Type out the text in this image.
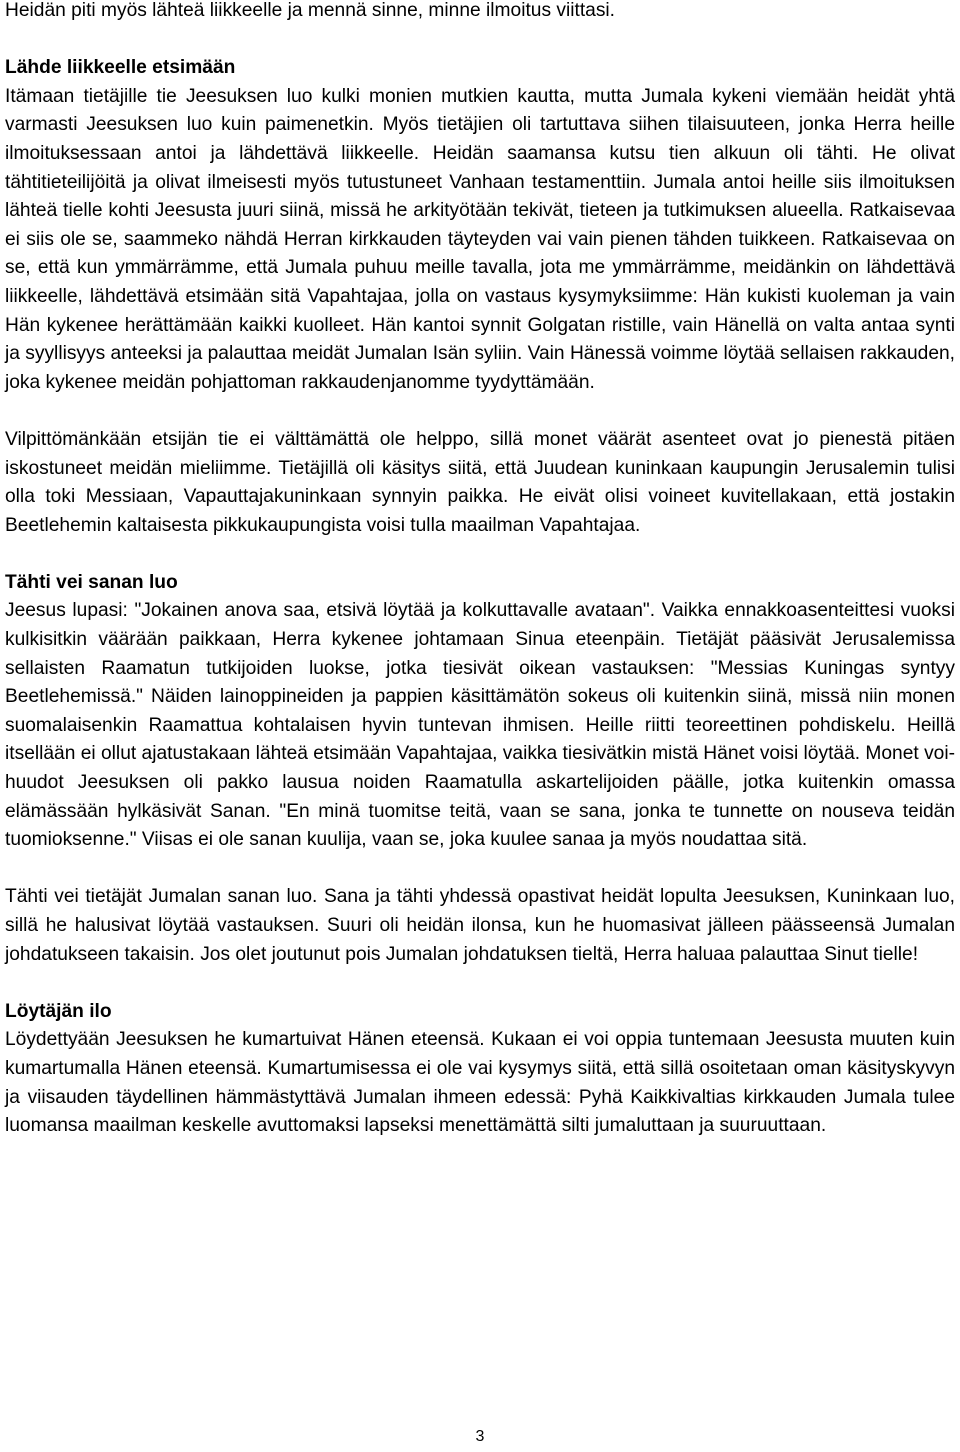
Heidän piti myös lähteä liikkeelle ja mennä sinne, minne ilmoitus viittasi.

Lähde liikkeelle etsimään

Itämaan tietäjille tie Jeesuksen luo kulki monien mutkien kautta, mutta Jumala kykeni viemään heidät yhtä varmasti Jeesuksen luo kuin paimenetkin. Myös tietäjien oli tartuttava siihen tilaisuuteen, jonka Herra heille ilmoituksessaan antoi ja lähdettävä liikkeelle. Heidän saamansa kutsu tien alkuun oli tähti. He olivat tähtitieteilijöitä ja olivat ilmeisesti myös tutustuneet Vanhaan testamenttiin. Jumala antoi heille siis ilmoituksen lähteä tielle kohti Jeesusta juuri siinä, missä he arkityötään tekivät, tieteen ja tutkimuksen alueella. Ratkaisevaa ei siis ole se, saammeko nähdä Herran kirkkauden täyteyden vai vain pienen tähden tuikkeen. Ratkaisevaa on se, että kun ymmärrämme, että Jumala puhuu meille tavalla, jota me ymmärrämme, meidänkin on lähdettävä liikkeelle, lähdettävä etsimään sitä Vapahtajaa, jolla on vastaus kysymyksiimme: Hän kukisti kuoleman ja vain Hän kykenee herättämään kaikki kuolleet. Hän kantoi synnit Golgatan ristille, vain Hänellä on valta antaa synti ja syyllisyys anteeksi ja palauttaa meidät Jumalan Isän syliin. Vain Hänessä voimme löytää sellaisen rakkauden, joka kykenee meidän pohjattoman rakkaudenjanomme tyydyttämään.

Vilpittömänkään etsijän tie ei välttämättä ole helppo, sillä monet väärät asenteet ovat jo pienestä pitäen iskostuneet meidän mieliimme. Tietäjillä oli käsitys siitä, että Juudean kuninkaan kaupungin Jerusalemin tulisi olla toki Messiaan, Vapauttajakuninkaan synnyin paikka. He eivät olisi voineet kuvitellakaan, että jostakin Beetlehemin kaltaisesta pikkukaupungista voisi tulla maailman Vapahtajaa.

Tähti vei sanan luo

Jeesus lupasi: "Jokainen anova saa, etsivä löytää ja kolkuttavalle avataan". Vaikka ennakkoasenteittesi vuoksi kulkisitkin väärään paikkaan, Herra kykenee johtamaan Sinua eteenpäin. Tietäjät pääsivät Jerusalemissa sellaisten Raamatun tutkijoiden luokse, jotka tiesivät oikean vastauksen: "Messias Kuningas syntyy Beetlehemissä." Näiden lainoppineiden ja pappien käsittämätön sokeus oli kuitenkin siinä, missä niin monen suomalaisenkin Raamattua kohtalaisen hyvin tuntevan ihmisen. Heille riitti teoreettinen pohdiskelu. Heillä itsellään ei ollut ajatustakaan lähteä etsimään Vapahtajaa, vaikka tiesivätkin mistä Hänet voisi löytää. Monet voi-huudot Jeesuksen oli pakko lausua noiden Raamatulla askartelijoiden päälle, jotka kuitenkin omassa elämässään hylkäsivät Sanan. "En minä tuomitse teitä, vaan se sana, jonka te tunnette on nouseva teidän tuomioksenne." Viisas ei ole sanan kuulija, vaan se, joka kuulee sanaa ja myös noudattaa sitä.

Tähti vei tietäjät Jumalan sanan luo. Sana ja tähti yhdessä opastivat heidät lopulta Jeesuksen, Kuninkaan luo, sillä he halusivat löytää vastauksen. Suuri oli heidän ilonsa, kun he huomasivat jälleen päässeensä Jumalan johdatukseen takaisin. Jos olet joutunut pois Jumalan johdatuksen tieltä, Herra haluaa palauttaa Sinut tielle!

Löytäjän ilo

Löydettyään Jeesuksen he kumartuivat Hänen eteensä. Kukaan ei voi oppia tuntemaan Jeesusta muuten kuin kumartumalla Hänen eteensä. Kumartumisessa ei ole vai kysymys siitä, että sillä osoitetaan oman käsityskyvyn ja viisauden täydellinen hämmästyttävä Jumalan ihmeen edessä: Pyhä Kaikkivaltias kirkkauden Jumala tulee luomansa maailman keskelle avuttomaksi lapseksi menettämättä silti jumaluttaan ja suuruuttaan.

3
